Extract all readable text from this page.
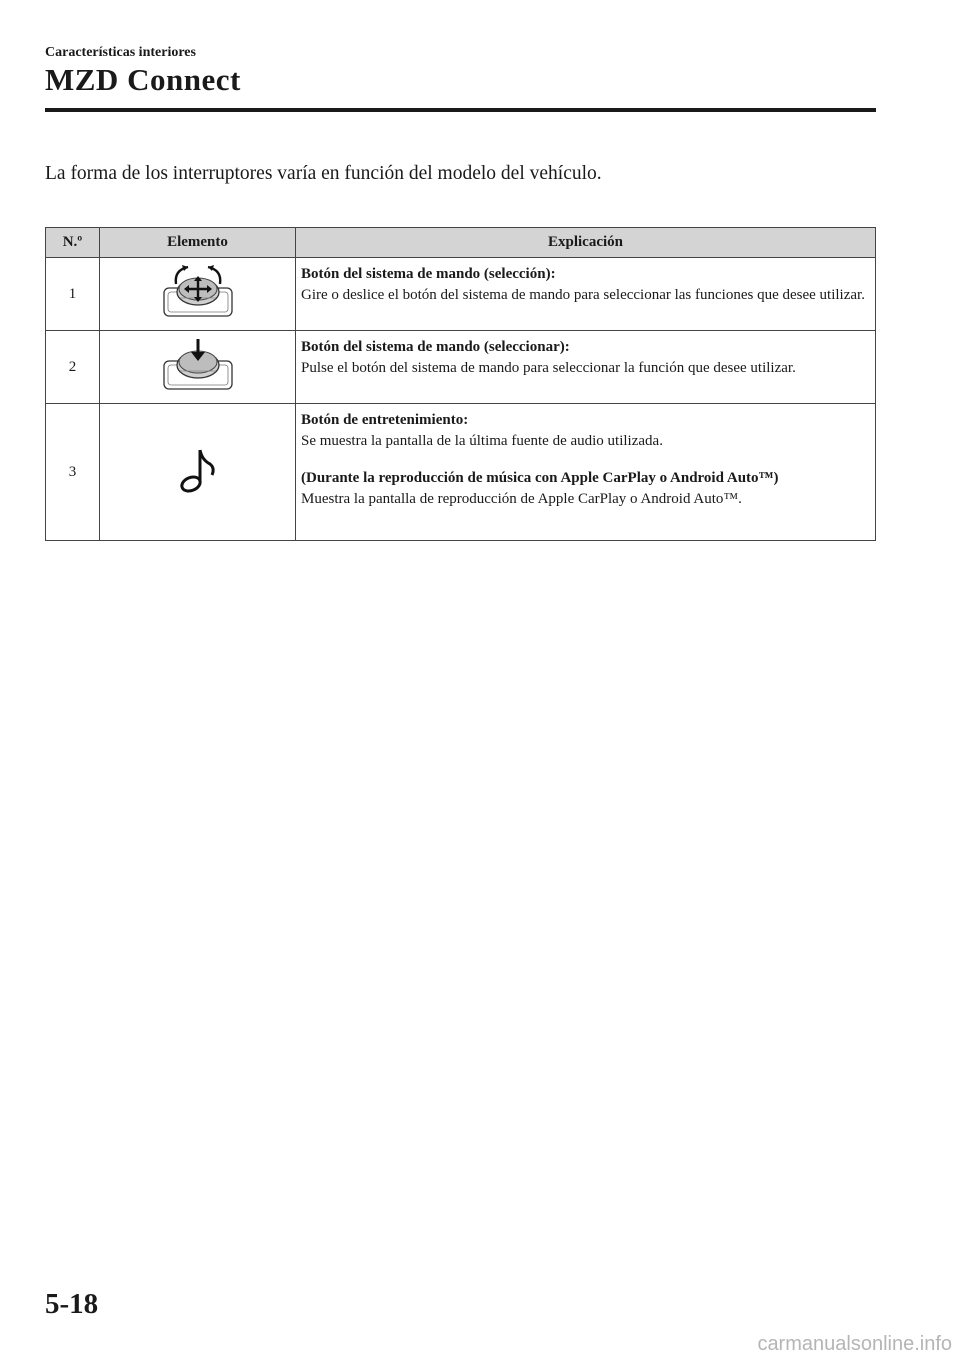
Características interiores
MZD Connect
La forma de los interruptores varía en función del modelo del vehículo.
N.º	Elemento	Explicación
1		Botón del sistema de mando (selección):
Gire o deslice el botón del sistema de mando para seleccionar las funciones que desee utilizar.

2		Botón del sistema de mando (seleccionar):
Pulse el botón del sistema de mando para seleccionar la función que desee utilizar.

3		Botón de entretenimiento:
Se muestra la pantalla de la última fuente de audio utilizada.
(Durante la reproducción de música con Apple CarPlay o Android Auto™)
Muestra la pantalla de reproducción de Apple CarPlay o Android Auto™.
5-18
carmanualsonline.info
